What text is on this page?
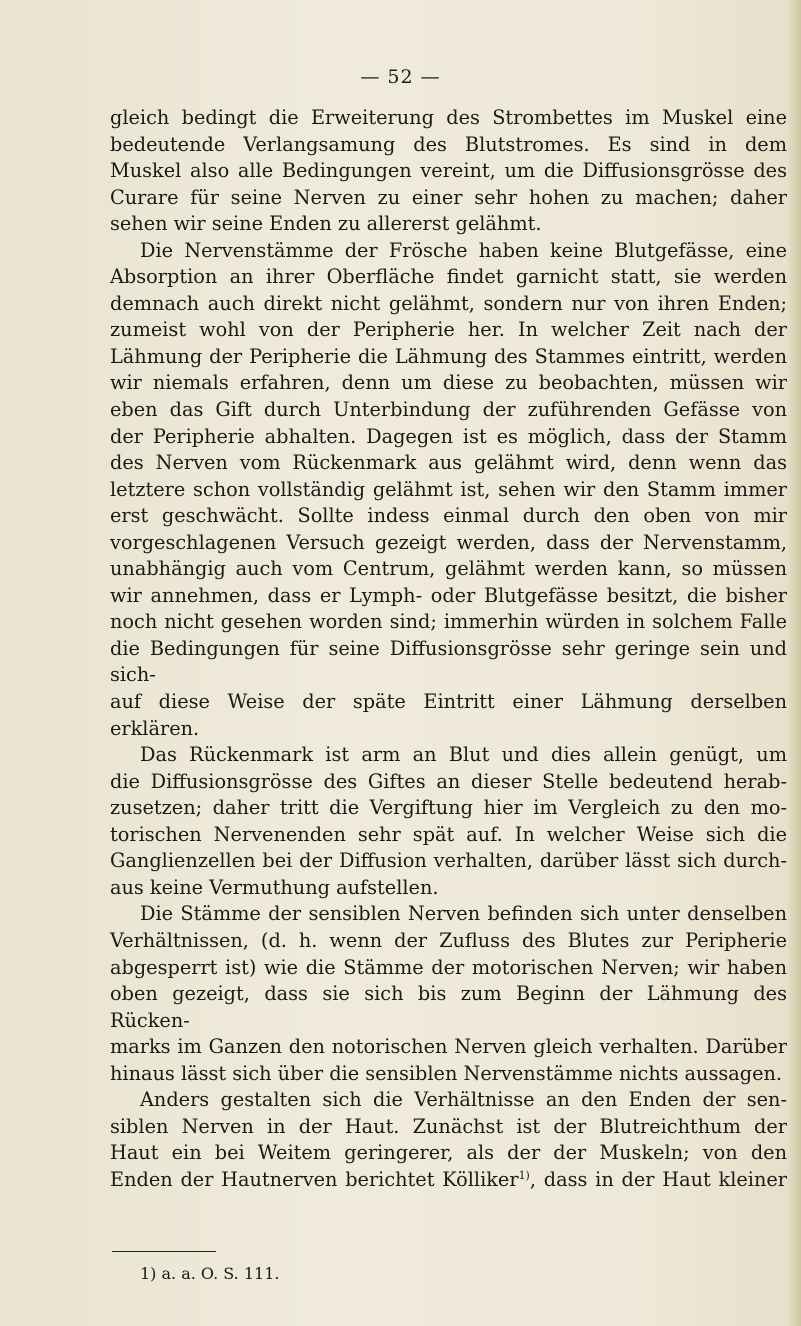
— 52 —

gleich bedingt die Erweiterung des Strombettes im Muskel eine

bedeutende Verlangsamung des Blutstromes. Es sind in dem

Muskel also alle Bedingungen vereint, um die Diffusionsgrösse des

Curare für seine Nerven zu einer sehr hohen zu machen; daher

sehen wir seine Enden zu allererst gelähmt.

Die Nervenstämme der Frösche haben keine Blutgefässe, eine

Absorption an ihrer Oberfläche findet garnicht statt, sie werden

demnach auch direkt nicht gelähmt, sondern nur von ihren Enden;

zumeist wohl von der Peripherie her. In welcher Zeit nach der

Lähmung der Peripherie die Lähmung des Stammes eintritt, werden

wir niemals erfahren, denn um diese zu beobachten, müssen wir

eben das Gift durch Unterbindung der zuführenden Gefässe von

der Peripherie abhalten. Dagegen ist es möglich, dass der Stamm

des Nerven vom Rückenmark aus gelähmt wird, denn wenn das

letztere schon vollständig gelähmt ist, sehen wir den Stamm immer

erst geschwächt. Sollte indess einmal durch den oben von mir

vorgeschlagenen Versuch gezeigt werden, dass der Nervenstamm,

unabhängig auch vom Centrum, gelähmt werden kann, so müssen

wir annehmen, dass er Lymph- oder Blutgefässe besitzt, die bisher

noch nicht gesehen worden sind; immerhin würden in solchem Falle

die Bedingungen für seine Diffusionsgrösse sehr geringe sein und sich-

auf diese Weise der späte Eintritt einer Lähmung derselben erklären.

Das Rückenmark ist arm an Blut und dies allein genügt, um

die Diffusionsgrösse des Giftes an dieser Stelle bedeutend herab-

zusetzen; daher tritt die Vergiftung hier im Vergleich zu den mo-

torischen Nervenenden sehr spät auf. In welcher Weise sich die

Ganglienzellen bei der Diffusion verhalten, darüber lässt sich durch-

aus keine Vermuthung aufstellen.

Die Stämme der sensiblen Nerven befinden sich unter denselben

Verhältnissen, (d. h. wenn der Zufluss des Blutes zur Peripherie

abgesperrt ist) wie die Stämme der motorischen Nerven; wir haben

oben gezeigt, dass sie sich bis zum Beginn der Lähmung des Rücken-

marks im Ganzen den notorischen Nerven gleich verhalten. Darüber

hinaus lässt sich über die sensiblen Nervenstämme nichts aussagen.

Anders gestalten sich die Verhältnisse an den Enden der sen-

siblen Nerven in der Haut. Zunächst ist der Blutreichthum der

Haut ein bei Weitem geringerer, als der der Muskeln; von den

Enden der Hautnerven berichtet Kölliker$^{1)}$, dass in der Haut kleiner

1) a. a. O. S. 111.
